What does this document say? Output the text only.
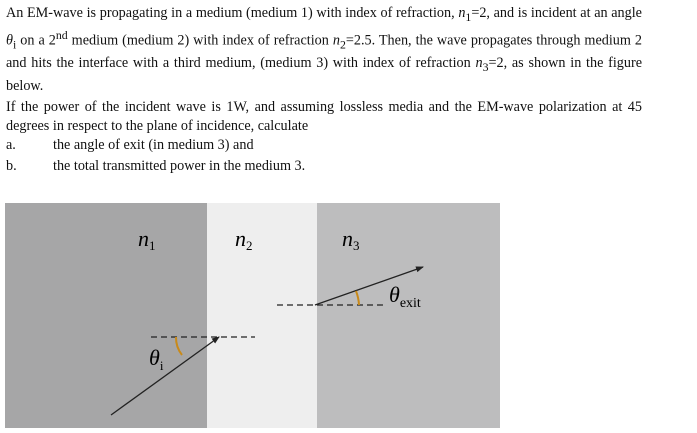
An EM-wave is propagating in a medium (medium 1) with index of refraction, $n_1=2$, and is incident at an angle $\theta_i$ on a 2nd medium (medium 2) with index of refraction $n_2=2.5$. Then, the wave propagates through medium 2 and hits the interface with a third medium, (medium 3) with index of refraction $n_3=2$, as shown in the figure below.

If the power of the incident wave is 1W, and assuming lossless media and the EM-wave polarization at 45 degrees in respect to the plane of incidence, calculate

a.	the angle of exit (in medium 3) and
b.	the total transmitted power in the medium 3.
n1	n2	n3
$\theta_i$
$\theta_{exit}$
